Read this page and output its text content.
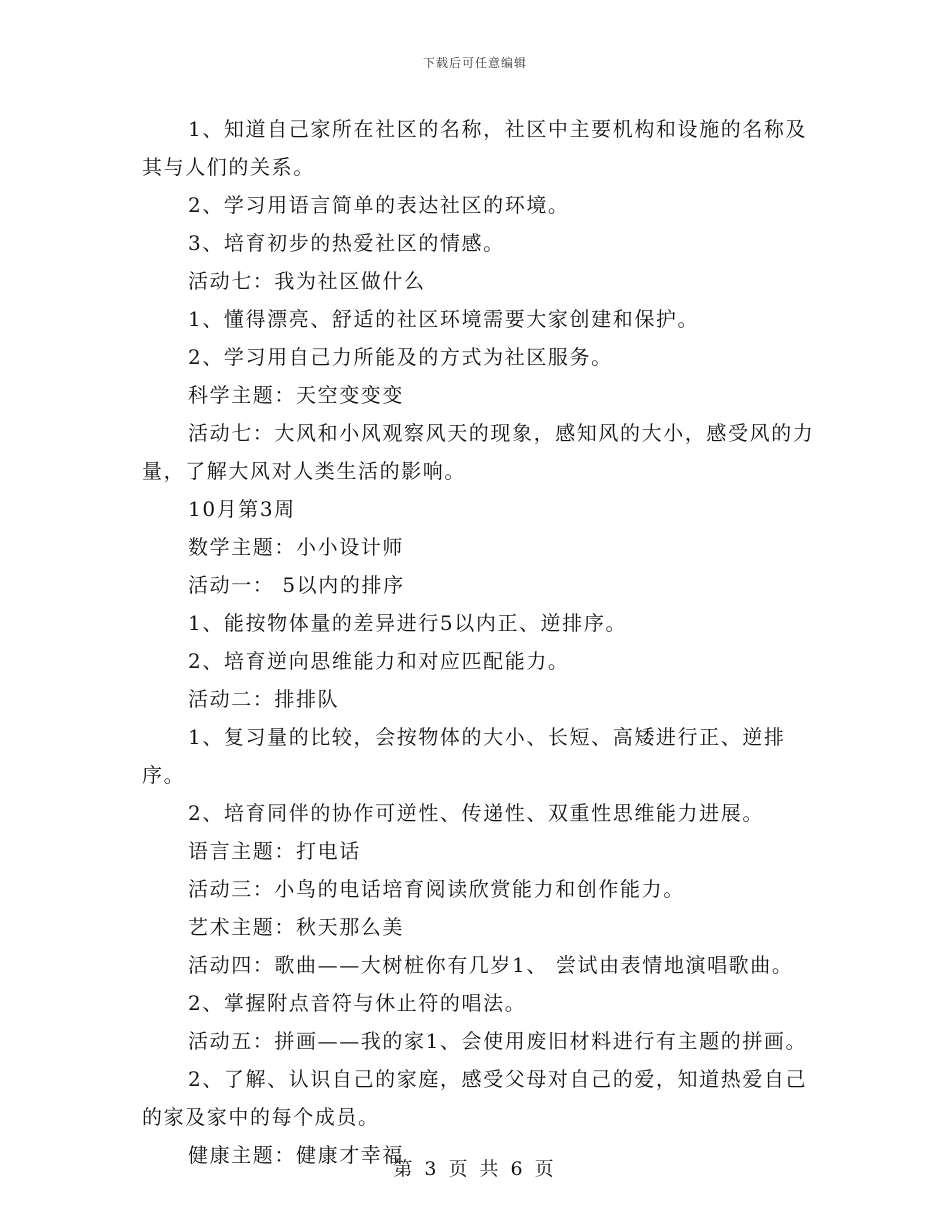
下载后可任意编辑

1、知道自己家所在社区的名称，社区中主要机构和设施的名称及其与人们的关系。

2、学习用语言简单的表达社区的环境。

3、培育初步的热爱社区的情感。

活动七：我为社区做什么

1、懂得漂亮、舒适的社区环境需要大家创建和保护。

2、学习用自己力所能及的方式为社区服务。

科学主题：天空变变变

活动七：大风和小风观察风天的现象，感知风的大小，感受风的力量，了解大风对人类生活的影响。

10月第3周

数学主题：小小设计师

活动一： 5以内的排序

1、能按物体量的差异进行5以内正、逆排序。

2、培育逆向思维能力和对应匹配能力。

活动二：排排队

1、复习量的比较，会按物体的大小、长短、高矮进行正、逆排序。

2、培育同伴的协作可逆性、传递性、双重性思维能力进展。

语言主题：打电话

活动三：小鸟的电话培育阅读欣赏能力和创作能力。

艺术主题：秋天那么美

活动四：歌曲——大树桩你有几岁1、 尝试由表情地演唱歌曲。

2、掌握附点音符与休止符的唱法。

活动五：拼画——我的家1、会使用废旧材料进行有主题的拼画。

2、了解、认识自己的家庭，感受父母对自己的爱，知道热爱自己的家及家中的每个成员。

健康主题：健康才幸福

第 3 页 共 6 页
